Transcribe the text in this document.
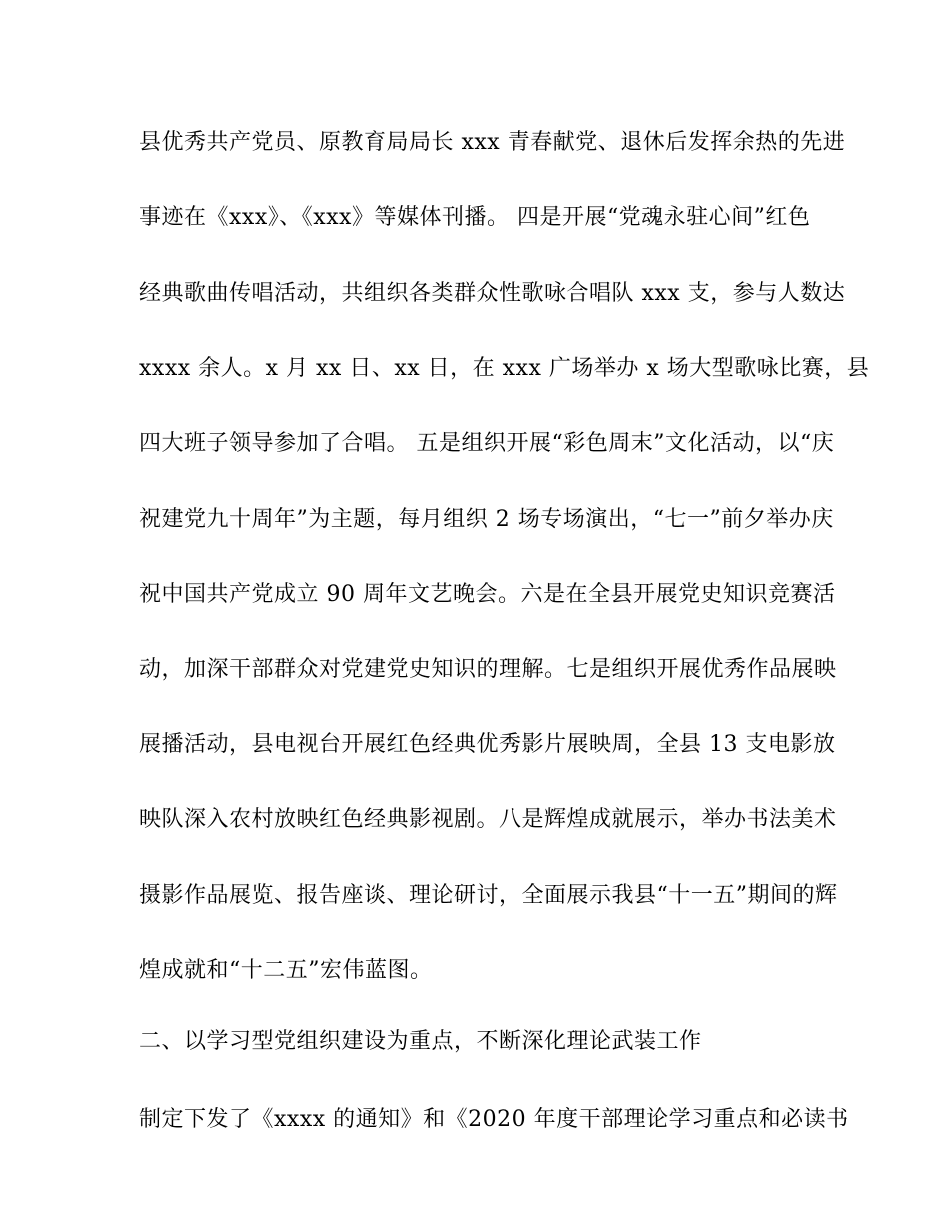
县优秀共产党员、原教育局局长 xxx 青春献党、退休后发挥余热的先进
事迹在《xxx》、《xxx》等媒体刊播。 四是开展“党魂永驻心间”红色
经典歌曲传唱活动，共组织各类群众性歌咏合唱队 xxx 支，参与人数达
xxxx 余人。x 月 xx 日、xx 日，在 xxx 广场举办 x 场大型歌咏比赛，县
四大班子领导参加了合唱。 五是组织开展“彩色周末”文化活动，以“庆
祝建党九十周年”为主题，每月组织 2 场专场演出，“七一”前夕举办庆
祝中国共产党成立 90 周年文艺晚会。六是在全县开展党史知识竞赛活
动，加深干部群众对党建党史知识的理解。七是组织开展优秀作品展映
展播活动，县电视台开展红色经典优秀影片展映周，全县 13 支电影放
映队深入农村放映红色经典影视剧。八是辉煌成就展示，举办书法美术
摄影作品展览、报告座谈、理论研讨，全面展示我县“十一五”期间的辉
煌成就和“十二五”宏伟蓝图。
二、以学习型党组织建设为重点，不断深化理论武装工作
制定下发了《xxxx 的通知》和《2020 年度干部理论学习重点和必读书
